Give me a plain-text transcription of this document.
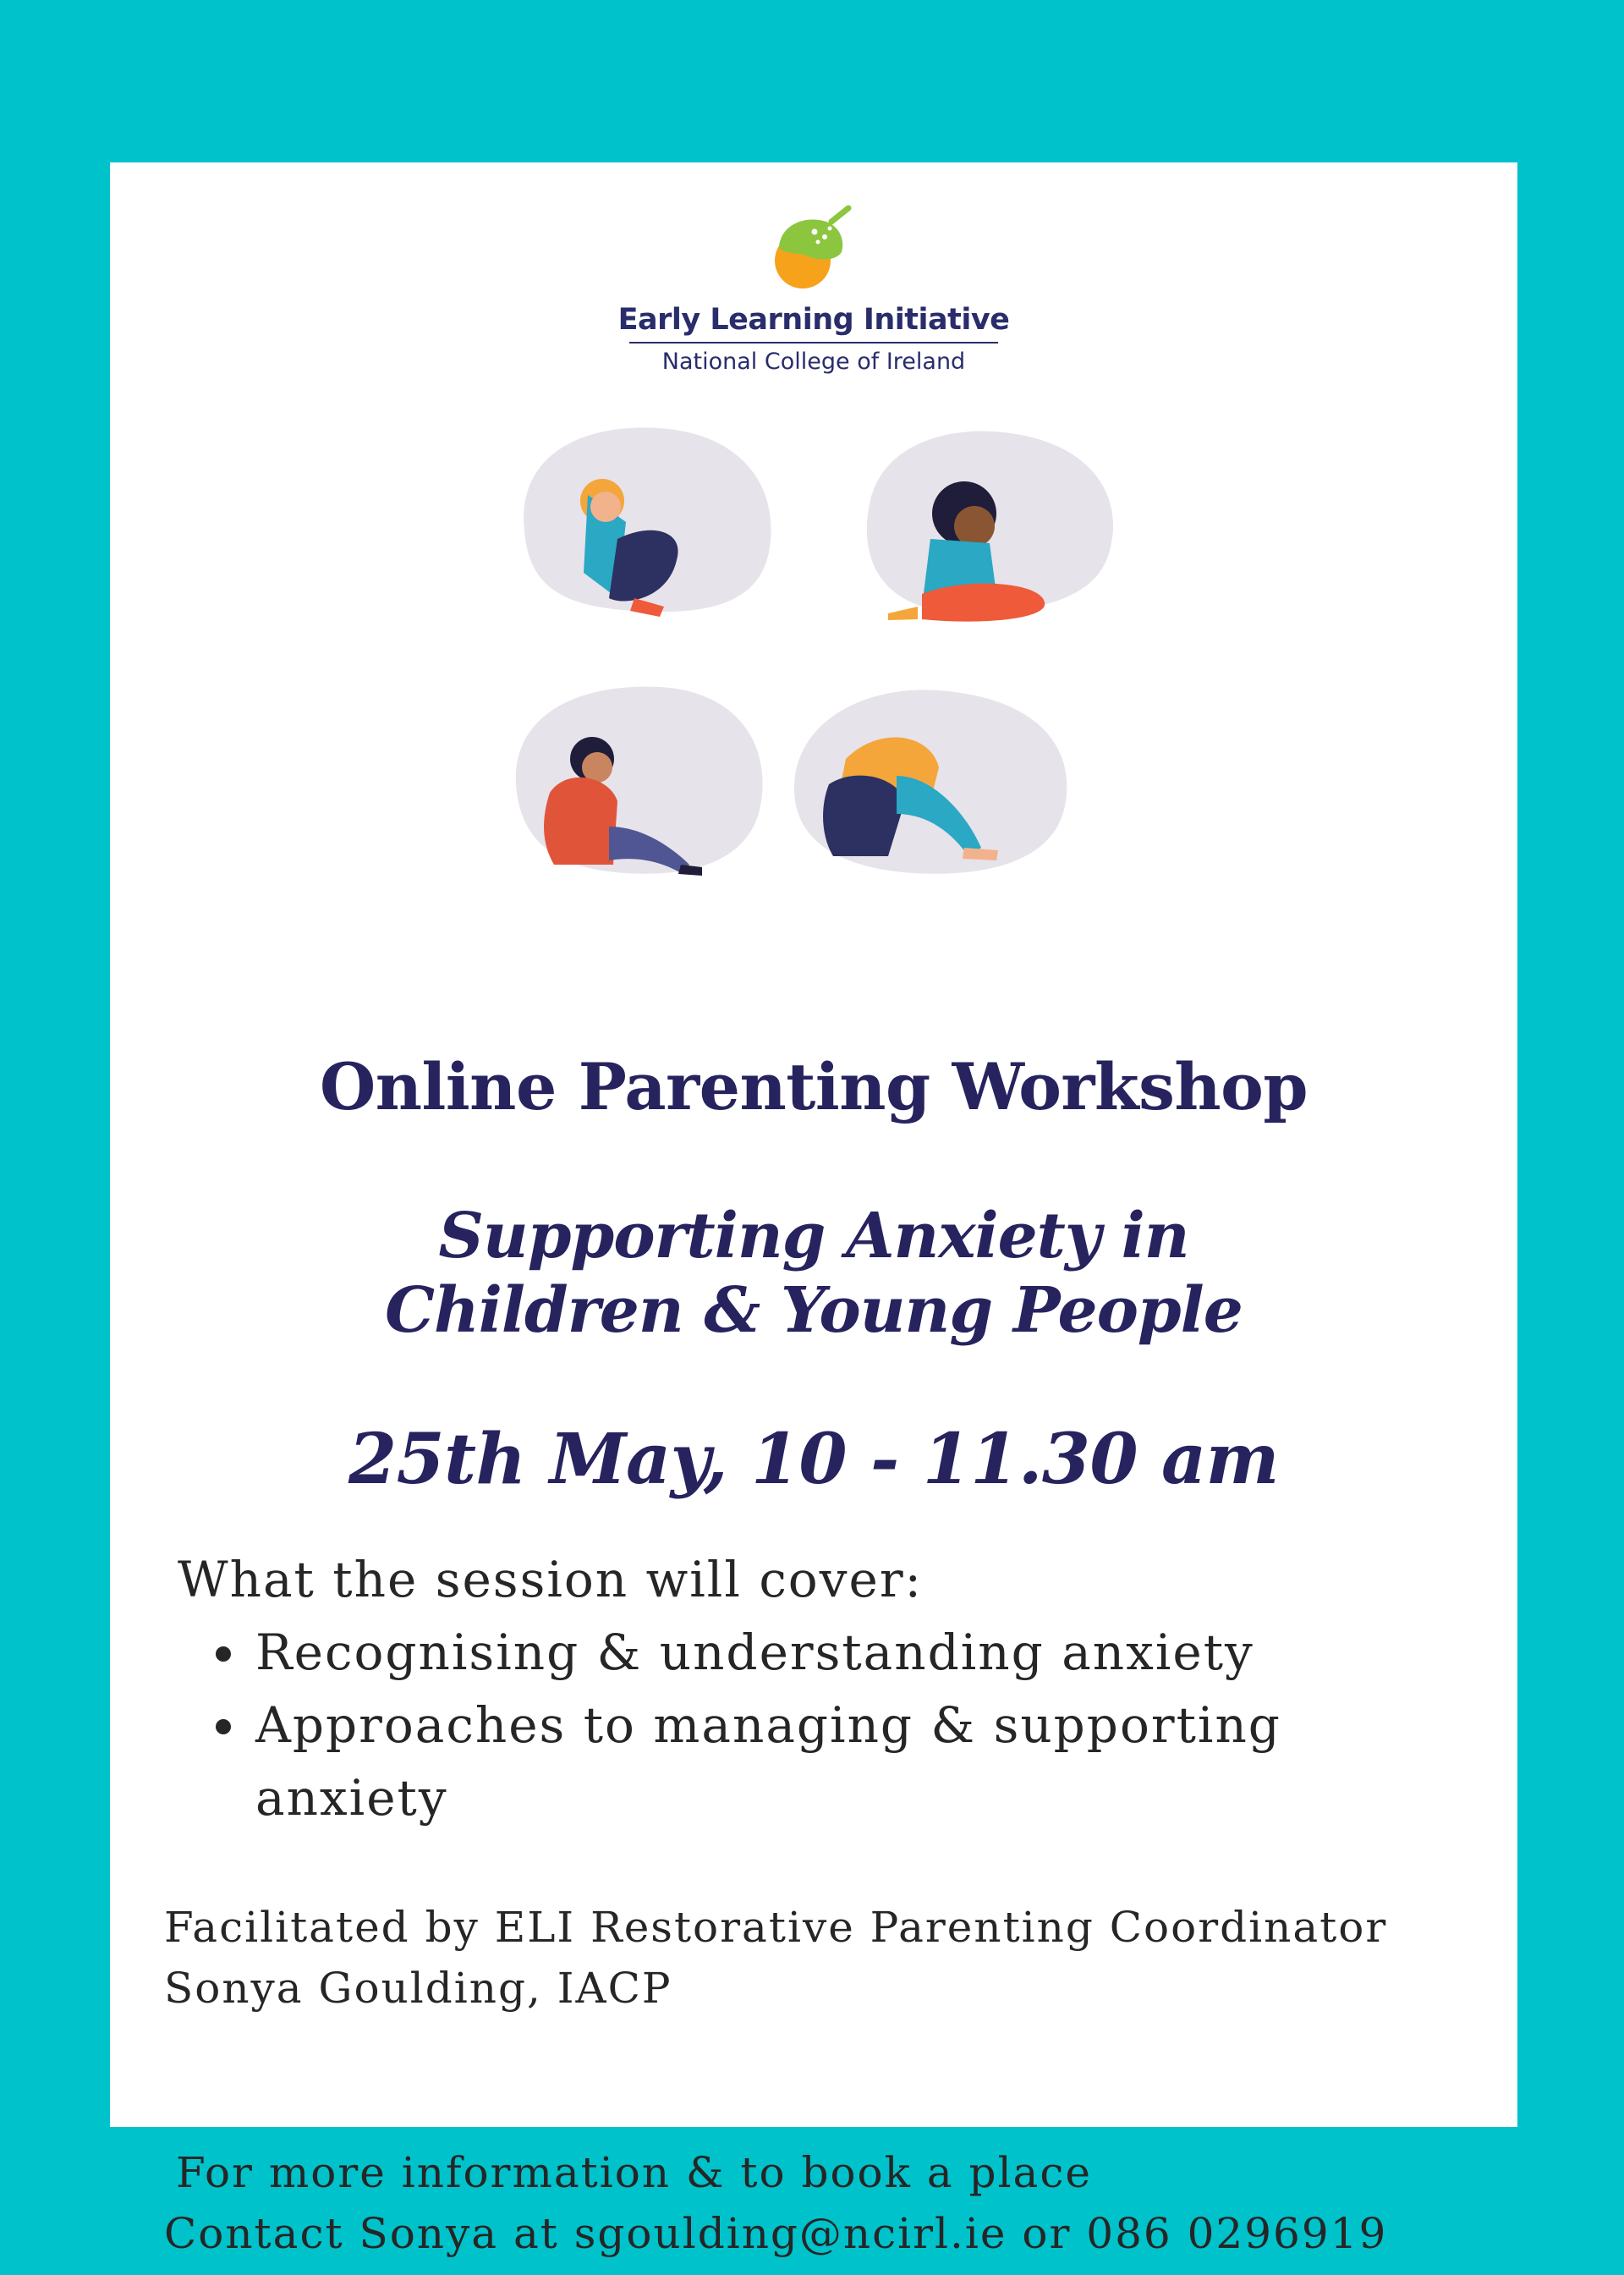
Early Learning Initiative
National College of Ireland
Online Parenting Workshop
Supporting Anxiety in
Children & Young People
25th May, 10 - 11.30 am
What the session will cover:
• Recognising & understanding anxiety
• Approaches to managing & supporting anxiety
Facilitated by ELI Restorative Parenting Coordinator
Sonya Goulding, IACP
For more information & to book a place
Contact Sonya at sgoulding@ncirl.ie or 086 0296919
